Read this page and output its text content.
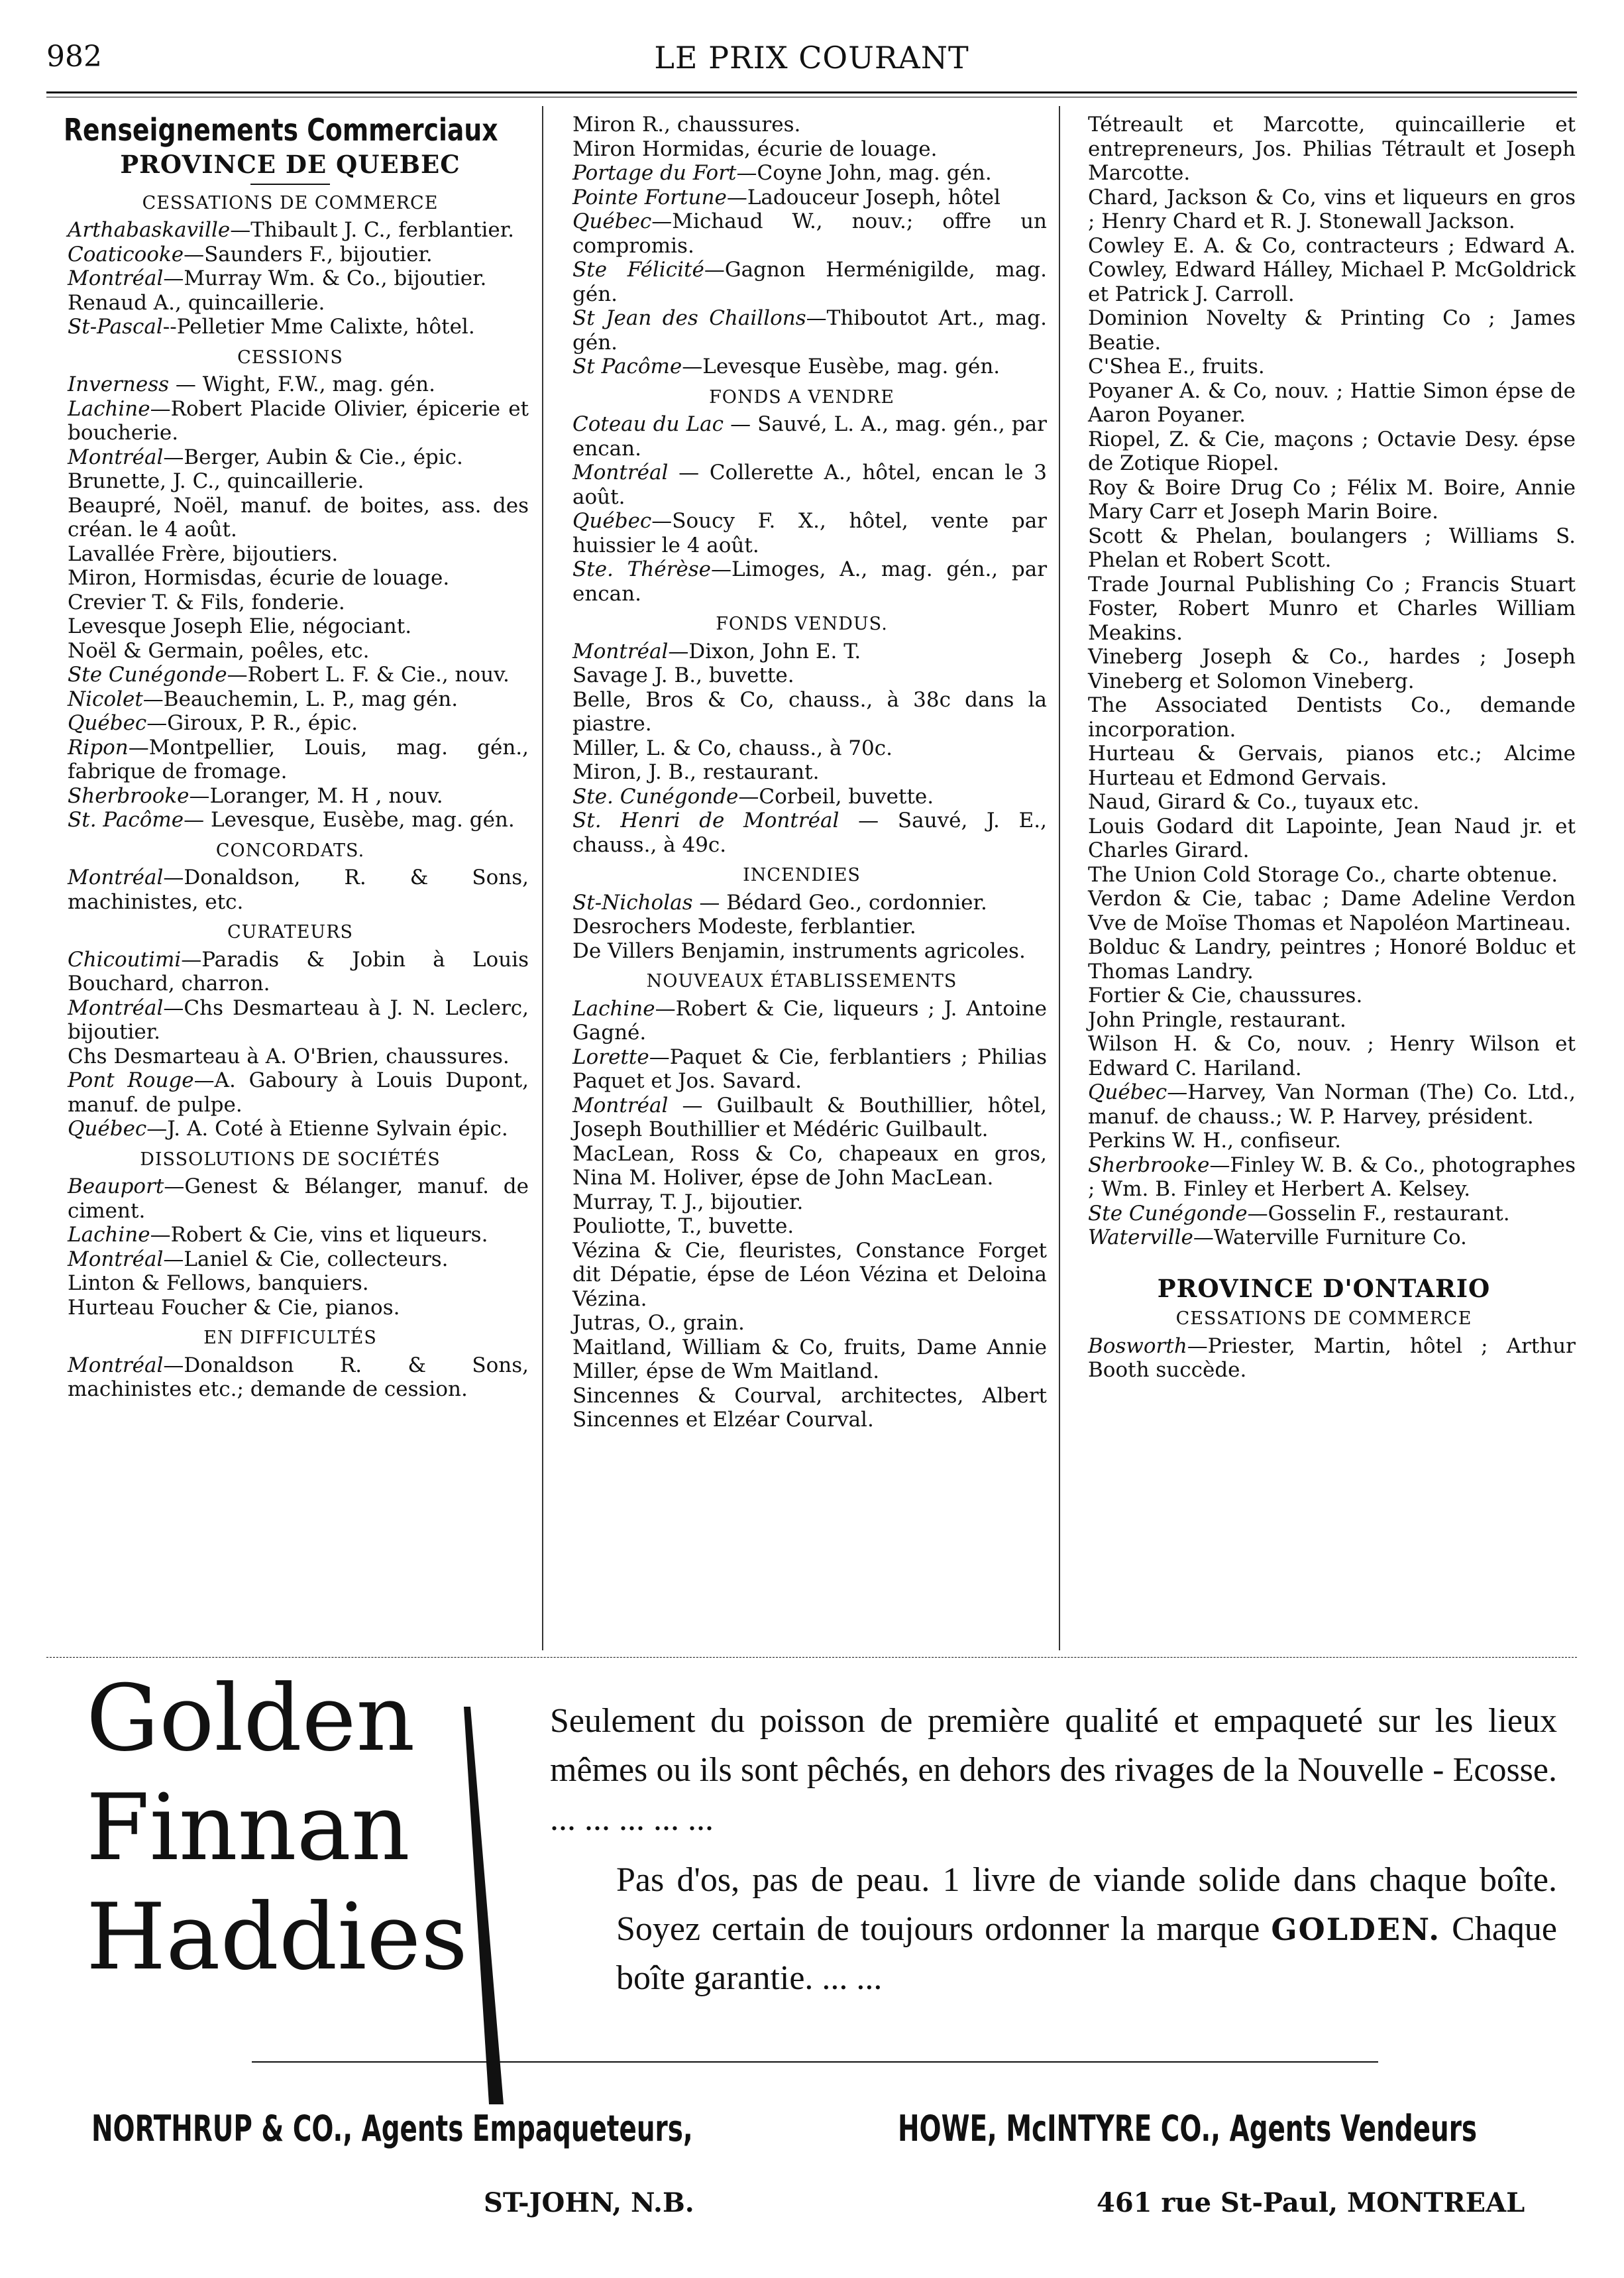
982	LE PRIX COURANT
Renseignements Commerciaux
PROVINCE DE QUEBEC
CESSATIONS DE COMMERCE

Arthabaskaville—Thibault J. C., ferblantier.

Coaticooke—Saunders F., bijoutier.

Montréal—Murray Wm. & Co., bijoutier.

Renaud A., quincaillerie.

St-Pascal--Pelletier Mme Calixte, hôtel.

CESSIONS

Inverness — Wight, F.W., mag. gén.

Lachine—Robert Placide Olivier, épicerie et boucherie.

Montréal—Berger, Aubin & Cie., épic.

Brunette, J. C., quincaillerie.

Beaupré, Noël, manuf. de boites, ass. des créan. le 4 août.

Lavallée Frère, bijoutiers.

Miron, Hormisdas, écurie de louage.

Crevier T. & Fils, fonderie.

Levesque Joseph Elie, négociant.

Noël & Germain, poêles, etc.

Ste Cunégonde—Robert L. F. & Cie., nouv.

Nicolet—Beauchemin, L. P., mag gén.

Québec—Giroux, P. R., épic.

Ripon—Montpellier, Louis, mag. gén., fabrique de fromage.

Sherbrooke—Loranger, M. H , nouv.

St. Pacôme— Levesque, Eusèbe, mag. gén.

CONCORDATS.

Montréal—Donaldson, R. & Sons, machinistes, etc.

CURATEURS

Chicoutimi—Paradis & Jobin à Louis Bouchard, charron.

Montréal—Chs Desmarteau à J. N. Leclerc, bijoutier.

Chs Desmarteau à A. O'Brien, chaussures.

Pont Rouge—A. Gaboury à Louis Dupont, manuf. de pulpe.

Québec—J. A. Coté à Etienne Sylvain épic.

DISSOLUTIONS DE SOCIÉTÉS

Beauport—Genest & Bélanger, manuf. de ciment.

Lachine—Robert & Cie, vins et liqueurs.

Montréal—Laniel & Cie, collecteurs.

Linton & Fellows, banquiers.

Hurteau Foucher & Cie, pianos.

EN DIFFICULTÉS

Montréal—Donaldson R. & Sons, machinistes etc.; demande de cession.

Miron R., chaussures.

Miron Hormidas, écurie de louage.

Portage du Fort—Coyne John, mag. gén.

Pointe Fortune—Ladouceur Joseph, hôtel

Québec—Michaud W., nouv.; offre un compromis.

Ste Félicité—Gagnon Herménigilde, mag. gén.

St Jean des Chaillons—Thiboutot Art., mag. gén.

St Pacôme—Levesque Eusèbe, mag. gén.

FONDS A VENDRE

Coteau du Lac — Sauvé, L. A., mag. gén., par encan.

Montréal — Collerette A., hôtel, encan le 3 août.

Québec—Soucy F. X., hôtel, vente par huissier le 4 août.

Ste. Thérèse—Limoges, A., mag. gén., par encan.

FONDS VENDUS.

Montréal—Dixon, John E. T.

Savage J. B., buvette.

Belle, Bros & Co, chauss., à 38c dans la piastre.

Miller, L. & Co, chauss., à 70c.

Miron, J. B., restaurant.

Ste. Cunégonde—Corbeil, buvette.

St. Henri de Montréal — Sauvé, J. E., chauss., à 49c.

INCENDIES

St-Nicholas — Bédard Geo., cordonnier.

Desrochers Modeste, ferblantier.

De Villers Benjamin, instruments agricoles.

NOUVEAUX ÉTABLISSEMENTS

Lachine—Robert & Cie, liqueurs ; J. Antoine Gagné.

Lorette—Paquet & Cie, ferblantiers ; Philias Paquet et Jos. Savard.

Montréal — Guilbault & Bouthillier, hôtel, Joseph Bouthillier et Médéric Guilbault.

MacLean, Ross & Co, chapeaux en gros, Nina M. Holiver, épse de John MacLean.

Murray, T. J., bijoutier.

Pouliotte, T., buvette.

Vézina & Cie, fleuristes, Constance Forget dit Dépatie, épse de Léon Vézina et Deloina Vézina.

Jutras, O., grain.

Maitland, William & Co, fruits, Dame Annie Miller, épse de Wm Maitland.

Sincennes & Courval, architectes, Albert Sincennes et Elzéar Courval.

Tétreault et Marcotte, quincaillerie et entrepreneurs, Jos. Philias Tétrault et Joseph Marcotte.

Chard, Jackson & Co, vins et liqueurs en gros ; Henry Chard et R. J. Stonewall Jackson.

Cowley E. A. & Co, contracteurs ; Edward A. Cowley, Edward Hálley, Michael P. McGoldrick et Patrick J. Carroll.

Dominion Novelty & Printing Co ; James Beatie.

C'Shea E., fruits.

Poyaner A. & Co, nouv. ; Hattie Simon épse de Aaron Poyaner.

Riopel, Z. & Cie, maçons ; Octavie Desy. épse de Zotique Riopel.

Roy & Boire Drug Co ; Félix M. Boire, Annie Mary Carr et Joseph Marin Boire.

Scott & Phelan, boulangers ; Williams S. Phelan et Robert Scott.

Trade Journal Publishing Co ; Francis Stuart Foster, Robert Munro et Charles William Meakins.

Vineberg Joseph & Co., hardes ; Joseph Vineberg et Solomon Vineberg.

The Associated Dentists Co., demande incorporation.

Hurteau & Gervais, pianos etc.; Alcime Hurteau et Edmond Gervais.

Naud, Girard & Co., tuyaux etc.

Louis Godard dit Lapointe, Jean Naud jr. et Charles Girard.

The Union Cold Storage Co., charte obtenue.

Verdon & Cie, tabac ; Dame Adeline Verdon Vve de Moïse Thomas et Napoléon Martineau.

Bolduc & Landry, peintres ; Honoré Bolduc et Thomas Landry.

Fortier & Cie, chaussures.

John Pringle, restaurant.

Wilson H. & Co, nouv. ; Henry Wilson et Edward C. Hariland.

Québec—Harvey, Van Norman (The) Co. Ltd., manuf. de chauss.; W. P. Harvey, président.

Perkins W. H., confiseur.

Sherbrooke—Finley W. B. & Co., photographes ; Wm. B. Finley et Herbert A. Kelsey.

Ste Cunégonde—Gosselin F., restaurant.

Waterville—Waterville Furniture Co.

PROVINCE D'ONTARIO
CESSATIONS DE COMMERCE

Bosworth—Priester, Martin, hôtel ; Arthur Booth succède.

Golden
Finnan
Haddies
Seulement du poisson de première qualité et empaqueté sur les lieux mêmes ou ils sont pêchés, en dehors des rivages de la Nouvelle - Ecosse. ... ... ... ... ...
Pas d'os, pas de peau. 1 livre de viande solide dans chaque boîte. Soyez certain de toujours ordonner la marque GOLDEN. Chaque boîte garantie. ... ...
NORTHRUP & CO., Agents Empaqueteurs,
ST-JOHN, N.B.
HOWE, McINTYRE CO., Agents Vendeurs
461 rue St-Paul, MONTREAL
